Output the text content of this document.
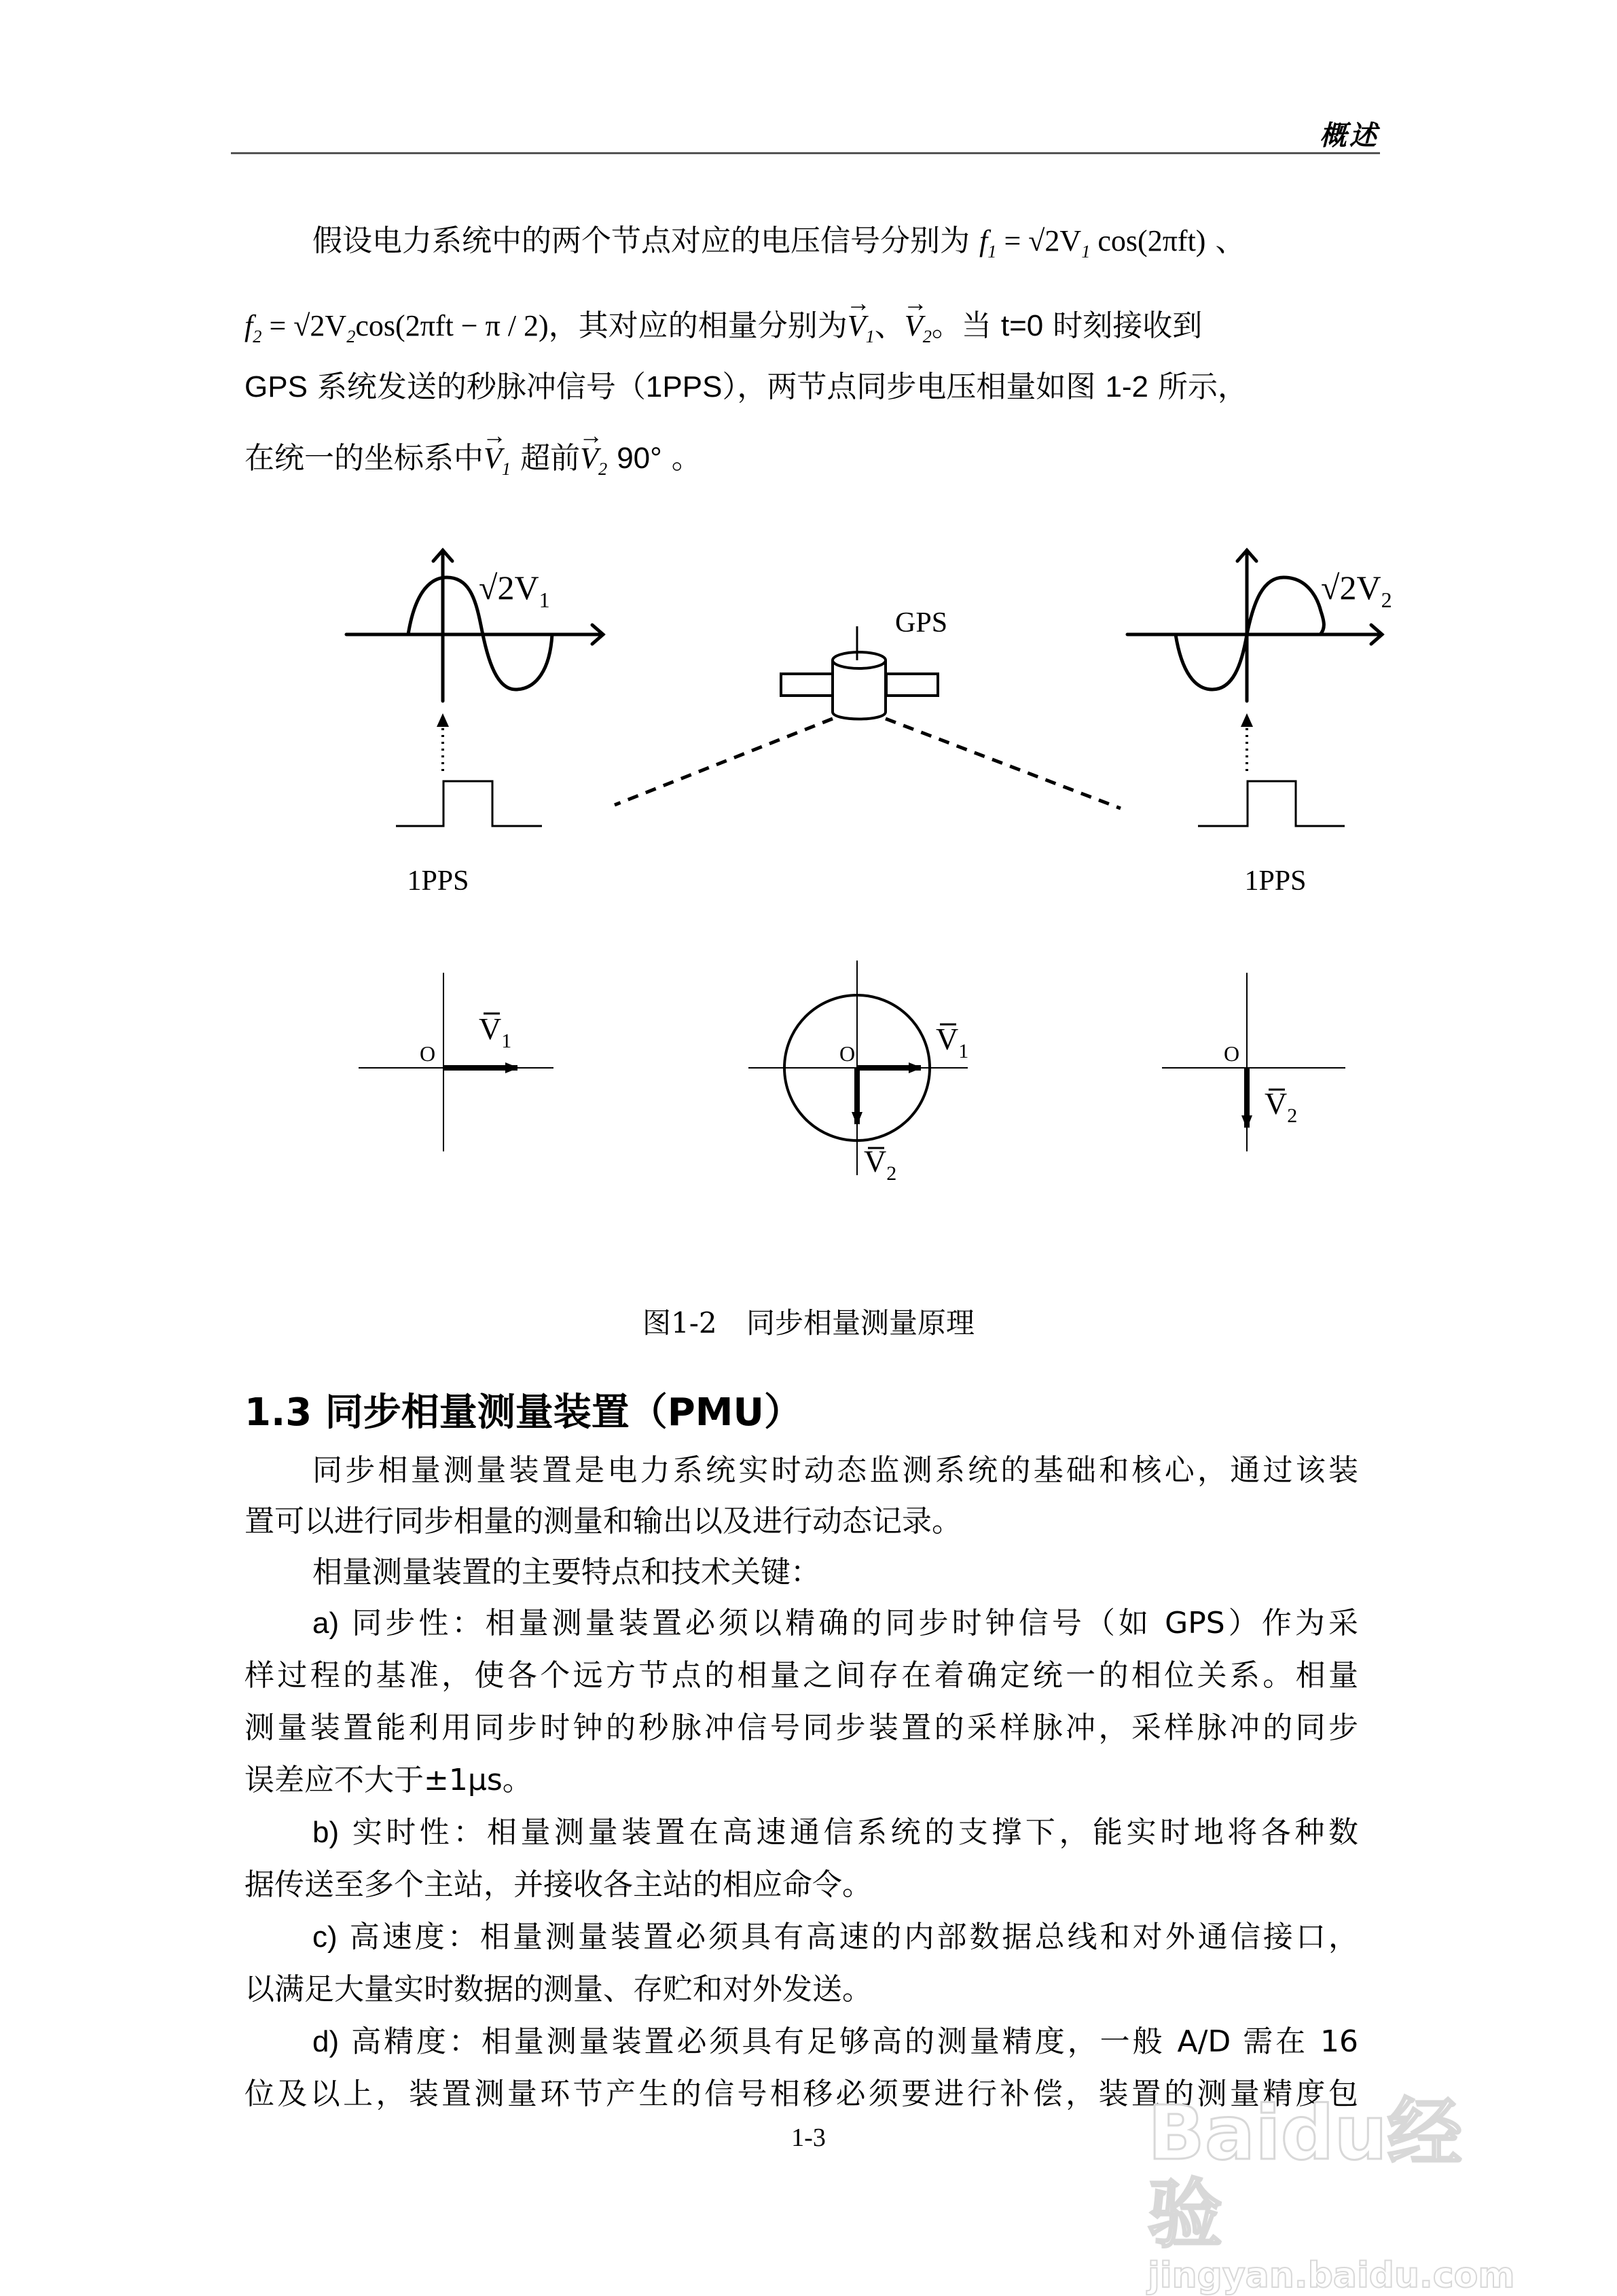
概述
假设电力系统中的两个节点对应的电压信号分别为 $f_1 = √2V_1$ cos(2πft) 、
$f_2 = √2V_2\cos(2\pi ft - \pi / 2)$，其对应的相量分别为→ $V_1$、→ $V_2$。当 t=0 时刻接收到
GPS 系统发送的秒脉冲信号（1PPS），两节点同步电压相量如图 1-2 所示，
在统一的坐标系中→ $V_1$ 超前→ $V_2$ 90° 。
$√2V_1$
1PPS
GPS
$√2V_2$
1PPS
O
$V_1$
O	$V_1$
$V_2$
O
$V_2$
图1-2 同步相量测量原理
1.3 同步相量测量装置（PMU）
同步相量测量装置是电力系统实时动态监测系统的基础和核心，通过该装
置可以进行同步相量的测量和输出以及进行动态记录。
相量测量装置的主要特点和技术关键：
a) 同步性：相量测量装置必须以精确的同步时钟信号（如 GPS）作为采
样过程的基准，使各个远方节点的相量之间存在着确定统一的相位关系。相量
测量装置能利用同步时钟的秒脉冲信号同步装置的采样脉冲，采样脉冲的同步
误差应不大于±1μs。
b) 实时性：相量测量装置在高速通信系统的支撑下，能实时地将各种数
据传送至多个主站，并接收各主站的相应命令。
c) 高速度：相量测量装置必须具有高速的内部数据总线和对外通信接口，
以满足大量实时数据的测量、存贮和对外发送。
d) 高精度：相量测量装置必须具有足够高的测量精度，一般 A/D 需在 16
位及以上，装置测量环节产生的信号相移必须要进行补偿，装置的测量精度包
1-3	Baidu经验
jingyan.baidu.com
